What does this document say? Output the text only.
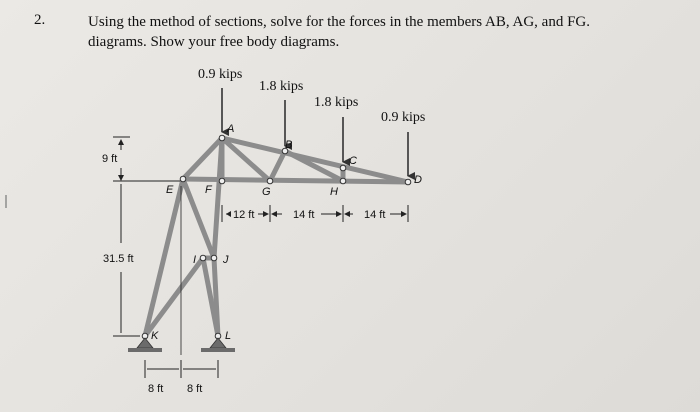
2.	Using the method of sections, solve for the forces in the members AB, AG, and FG.
diagrams. Show your free body diagrams.
0.9 kips
1.8 kips
1.8 kips
0.9 kips
A
B
C
D
E	F	G	H
I J
K	L
9 ft
31.5 ft
12 ft	14 ft	14 ft
8 ft 8 ft
